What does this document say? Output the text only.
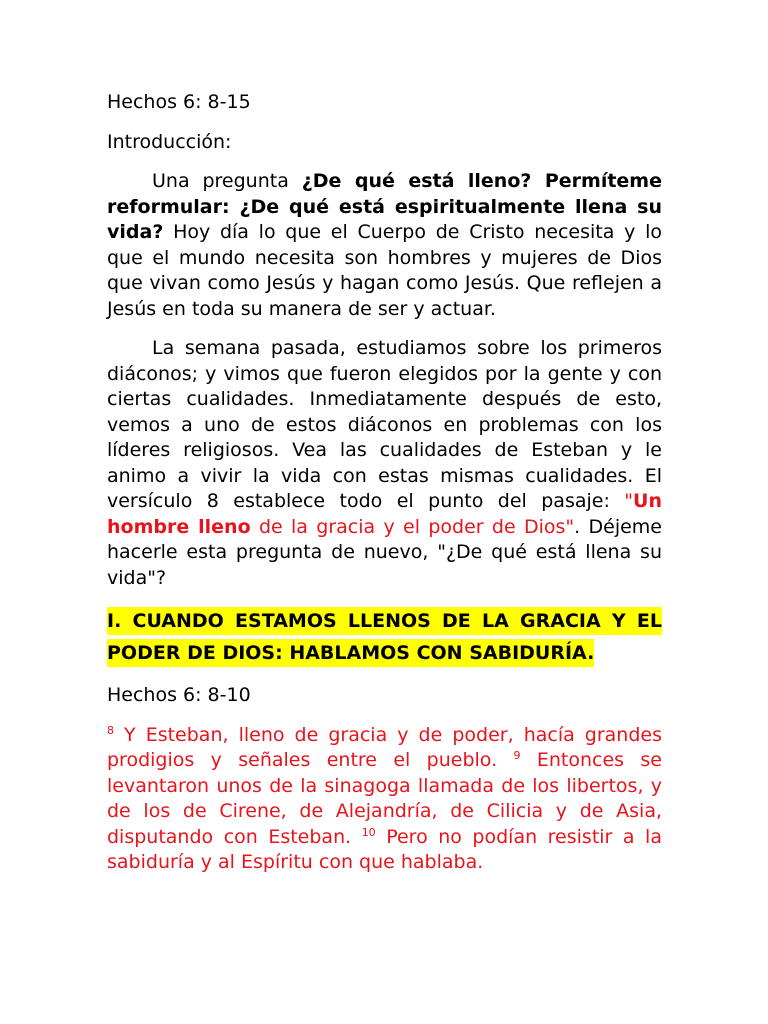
Hechos 6: 8-15

Introducción:

Una pregunta ¿De qué está lleno? Permíteme reformular: ¿De qué está espiritualmente llena su vida? Hoy día lo que el Cuerpo de Cristo necesita y lo que el mundo necesita son hombres y mujeres de Dios que vivan como Jesús y hagan como Jesús. Que reflejen a Jesús en toda su manera de ser y actuar.

La semana pasada, estudiamos sobre los primeros diáconos; y vimos que fueron elegidos por la gente y con ciertas cualidades. Inmediatamente después de esto, vemos a uno de estos diáconos en problemas con los líderes religiosos. Vea las cualidades de Esteban y le animo a vivir la vida con estas mismas cualidades. El versículo 8 establece todo el punto del pasaje: "Un hombre lleno de la gracia y el poder de Dios". Déjeme hacerle esta pregunta de nuevo, "¿De qué está llena su vida"?

I. CUANDO ESTAMOS LLENOS DE LA GRACIA Y EL PODER DE DIOS: HABLAMOS CON SABIDURÍA.

Hechos 6: 8-10

$^8$ Y Esteban, lleno de gracia y de poder, hacía grandes prodigios y señales entre el pueblo. $^9$ Entonces se levantaron unos de la sinagoga llamada de los libertos, y de los de Cirene, de Alejandría, de Cilicia y de Asia, disputando con Esteban. $^{10}$ Pero no podían resistir a la sabiduría y al Espíritu con que hablaba.
